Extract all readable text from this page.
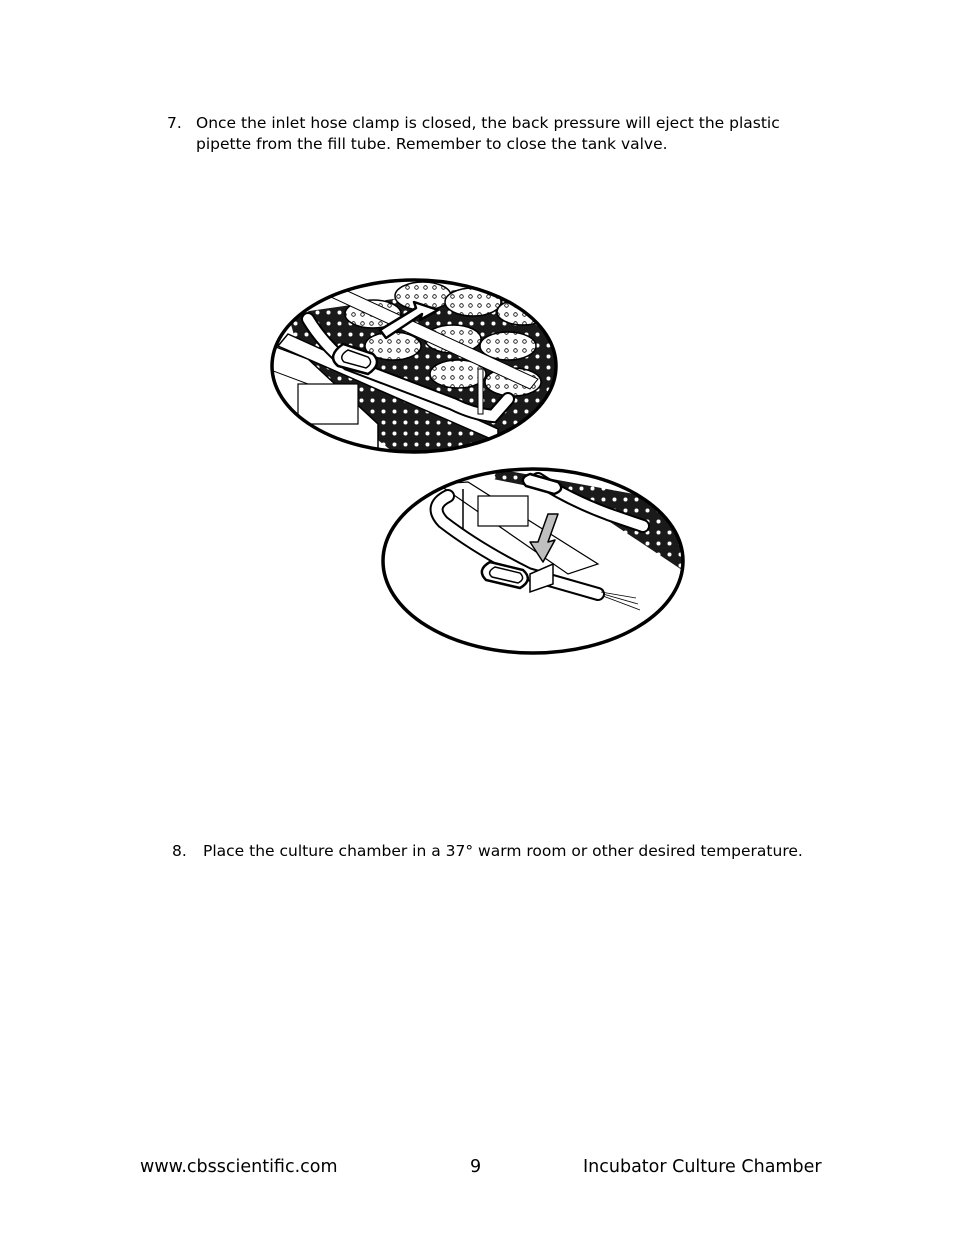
7. Once the inlet hose clamp is closed, the back pressure will eject the plastic
pipette from the fill tube. Remember to close the tank valve.
8. Place the culture chamber in a 37° warm room or other desired temperature.
www.cbsscientific.com	9	Incubator Culture Chamber
